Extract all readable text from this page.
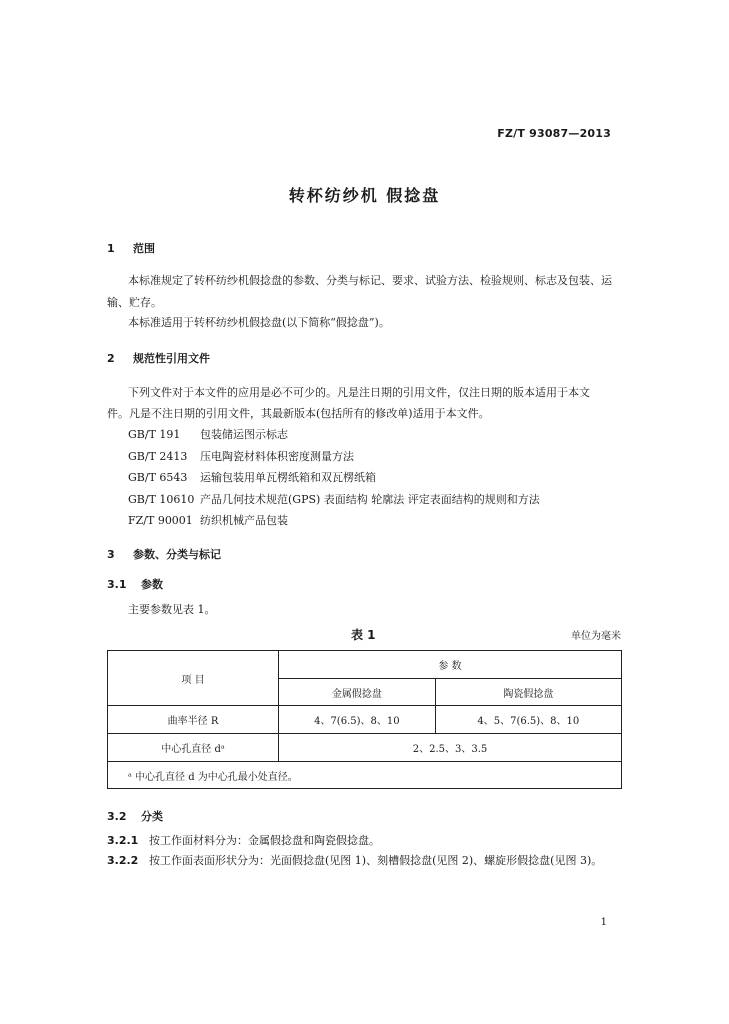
FZ/T 93087—2013
转杯纺纱机 假捻盘
1 范围
本标准规定了转杯纺纱机假捻盘的参数、分类与标记、要求、试验方法、检验规则、标志及包装、运
输、贮存。
本标准适用于转杯纺纱机假捻盘(以下简称“假捻盘”)。
2 规范性引用文件
下列文件对于本文件的应用是必不可少的。凡是注日期的引用文件，仅注日期的版本适用于本文
件。凡是不注日期的引用文件，其最新版本(包括所有的修改单)适用于本文件。
GB/T 191 包装储运图示标志
GB/T 2413 压电陶瓷材料体积密度测量方法
GB/T 6543 运输包装用单瓦楞纸箱和双瓦楞纸箱
GB/T 10610 产品几何技术规范(GPS) 表面结构 轮廓法 评定表面结构的规则和方法
FZ/T 90001 纺织机械产品包装
3 参数、分类与标记
3.1 参数
主要参数见表 1。
表 1	单位为毫米
项 目	参 数	
	金属假捻盘	陶瓷假捻盘
曲率半径 R	4、7(6.5)、8、10	4、5、7(6.5)、8、10
中心孔直径 dᵃ	2、2.5、3、3.5	
ᵃ 中心孔直径 d 为中心孔最小处直径。		
3.2 分类
3.2.1 按工作面材料分为：金属假捻盘和陶瓷假捻盘。
3.2.2 按工作面表面形状分为：光面假捻盘(见图 1)、刻槽假捻盘(见图 2)、螺旋形假捻盘(见图 3)。
1
